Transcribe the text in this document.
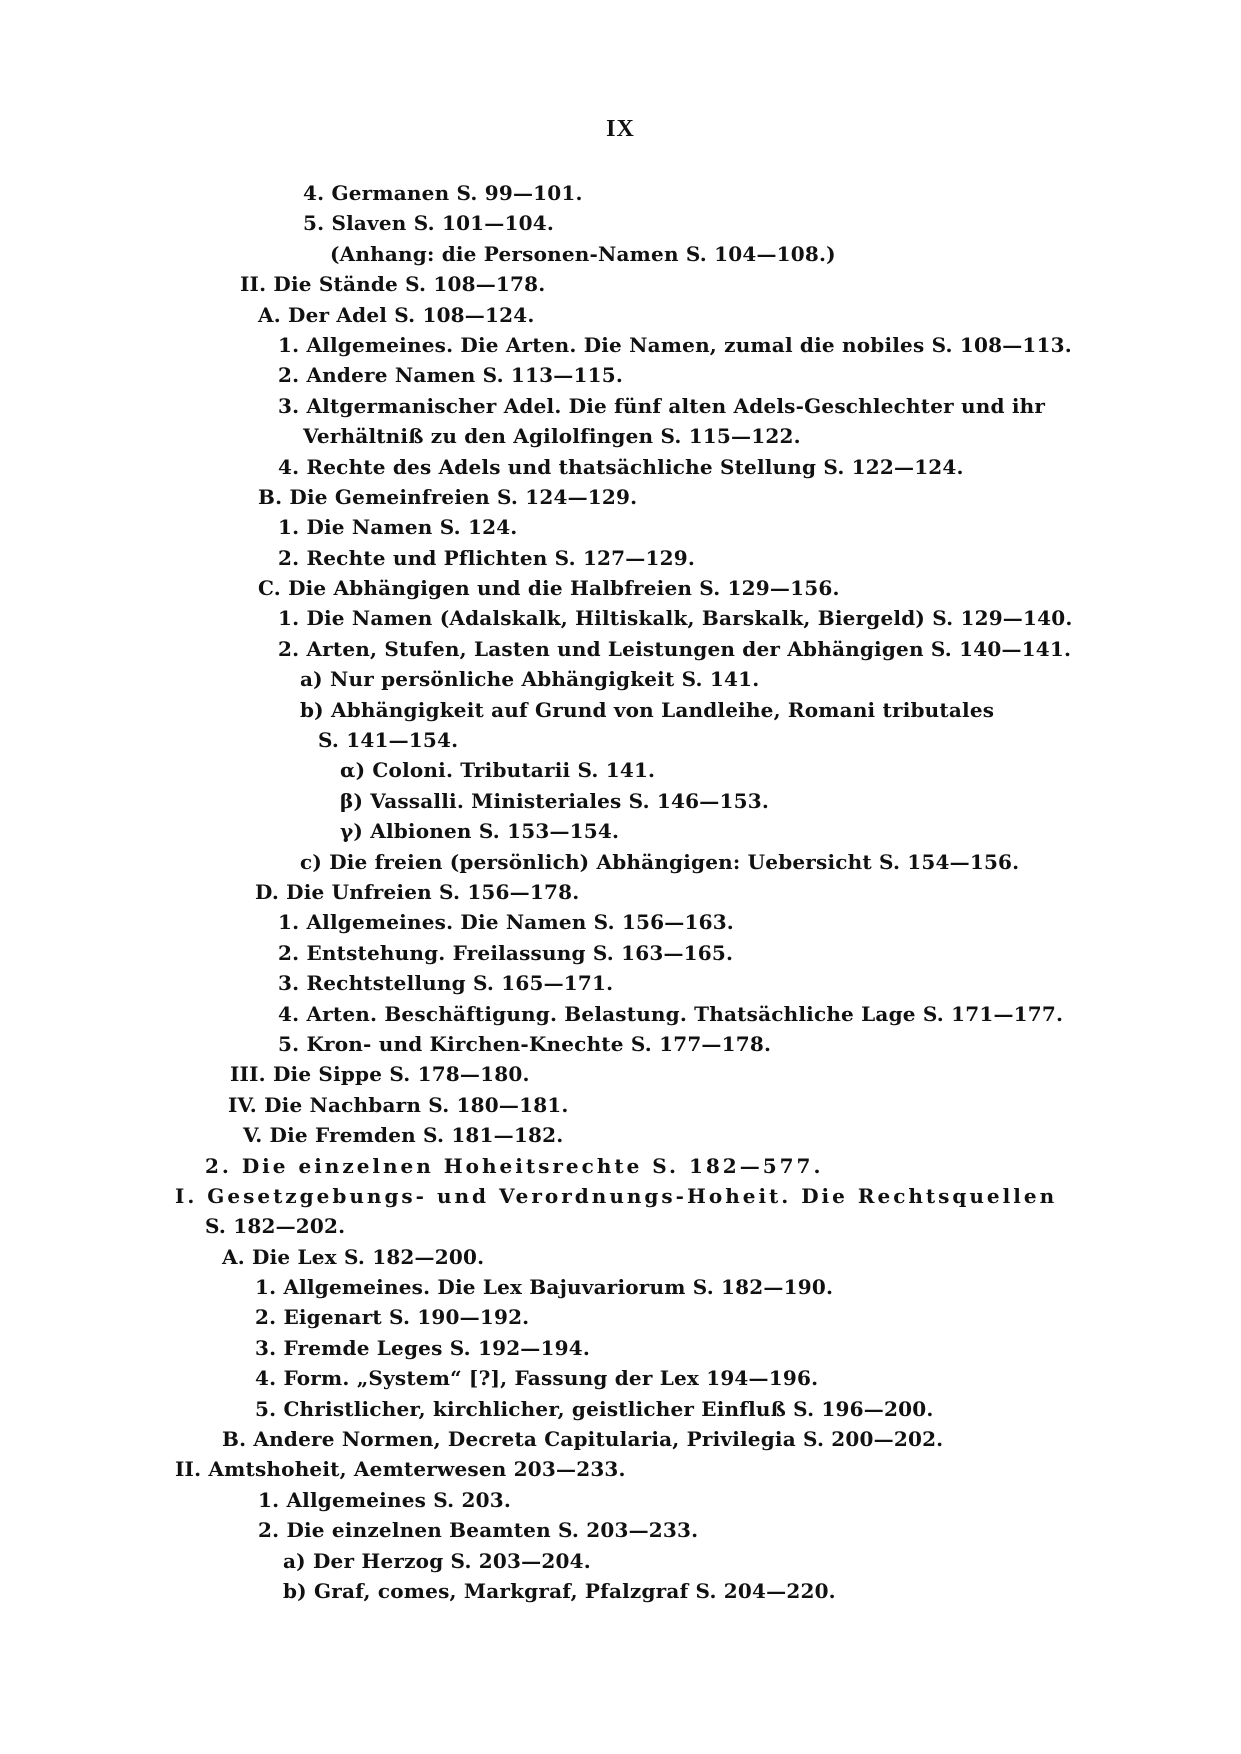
IX
4. Germanen S. 99—101.
5. Slaven S. 101—104.
(Anhang: die Personen-Namen S. 104—108.)
II. Die Stände S. 108—178.
A. Der Adel S. 108—124.
1. Allgemeines. Die Arten. Die Namen, zumal die nobiles S. 108—113.
2. Andere Namen S. 113—115.
3. Altgermanischer Adel. Die fünf alten Adels-Geschlechter und ihr
Verhältniß zu den Agilolfingen S. 115—122.
4. Rechte des Adels und thatsächliche Stellung S. 122—124.
B. Die Gemeinfreien S. 124—129.
1. Die Namen S. 124.
2. Rechte und Pflichten S. 127—129.
C. Die Abhängigen und die Halbfreien S. 129—156.
1. Die Namen (Adalskalk, Hiltiskalk, Barskalk, Biergeld) S. 129—140.
2. Arten, Stufen, Lasten und Leistungen der Abhängigen S. 140—141.
a) Nur persönliche Abhängigkeit S. 141.
b) Abhängigkeit auf Grund von Landleihe, Romani tributales
S. 141—154.
α) Coloni. Tributarii S. 141.
β) Vassalli. Ministeriales S. 146—153.
γ) Albionen S. 153—154.
c) Die freien (persönlich) Abhängigen: Uebersicht S. 154—156.
D. Die Unfreien S. 156—178.
1. Allgemeines. Die Namen S. 156—163.
2. Entstehung. Freilassung S. 163—165.
3. Rechtstellung S. 165—171.
4. Arten. Beschäftigung. Belastung. Thatsächliche Lage S. 171—177.
5. Kron- und Kirchen-Knechte S. 177—178.
III. Die Sippe S. 178—180.
IV. Die Nachbarn S. 180—181.
V. Die Fremden S. 181—182.
2. Die einzelnen Hoheitsrechte S. 182—577.
I. Gesetzgebungs- und Verordnungs-Hoheit. Die Rechtsquellen
S. 182—202.
A. Die Lex S. 182—200.
1. Allgemeines. Die Lex Bajuvariorum S. 182—190.
2. Eigenart S. 190—192.
3. Fremde Leges S. 192—194.
4. Form. „System“ [?], Fassung der Lex 194—196.
5. Christlicher, kirchlicher, geistlicher Einfluß S. 196—200.
B. Andere Normen, Decreta Capitularia, Privilegia S. 200—202.
II. Amtshoheit, Aemterwesen 203—233.
1. Allgemeines S. 203.
2. Die einzelnen Beamten S. 203—233.
a) Der Herzog S. 203—204.
b) Graf, comes, Markgraf, Pfalzgraf S. 204—220.
